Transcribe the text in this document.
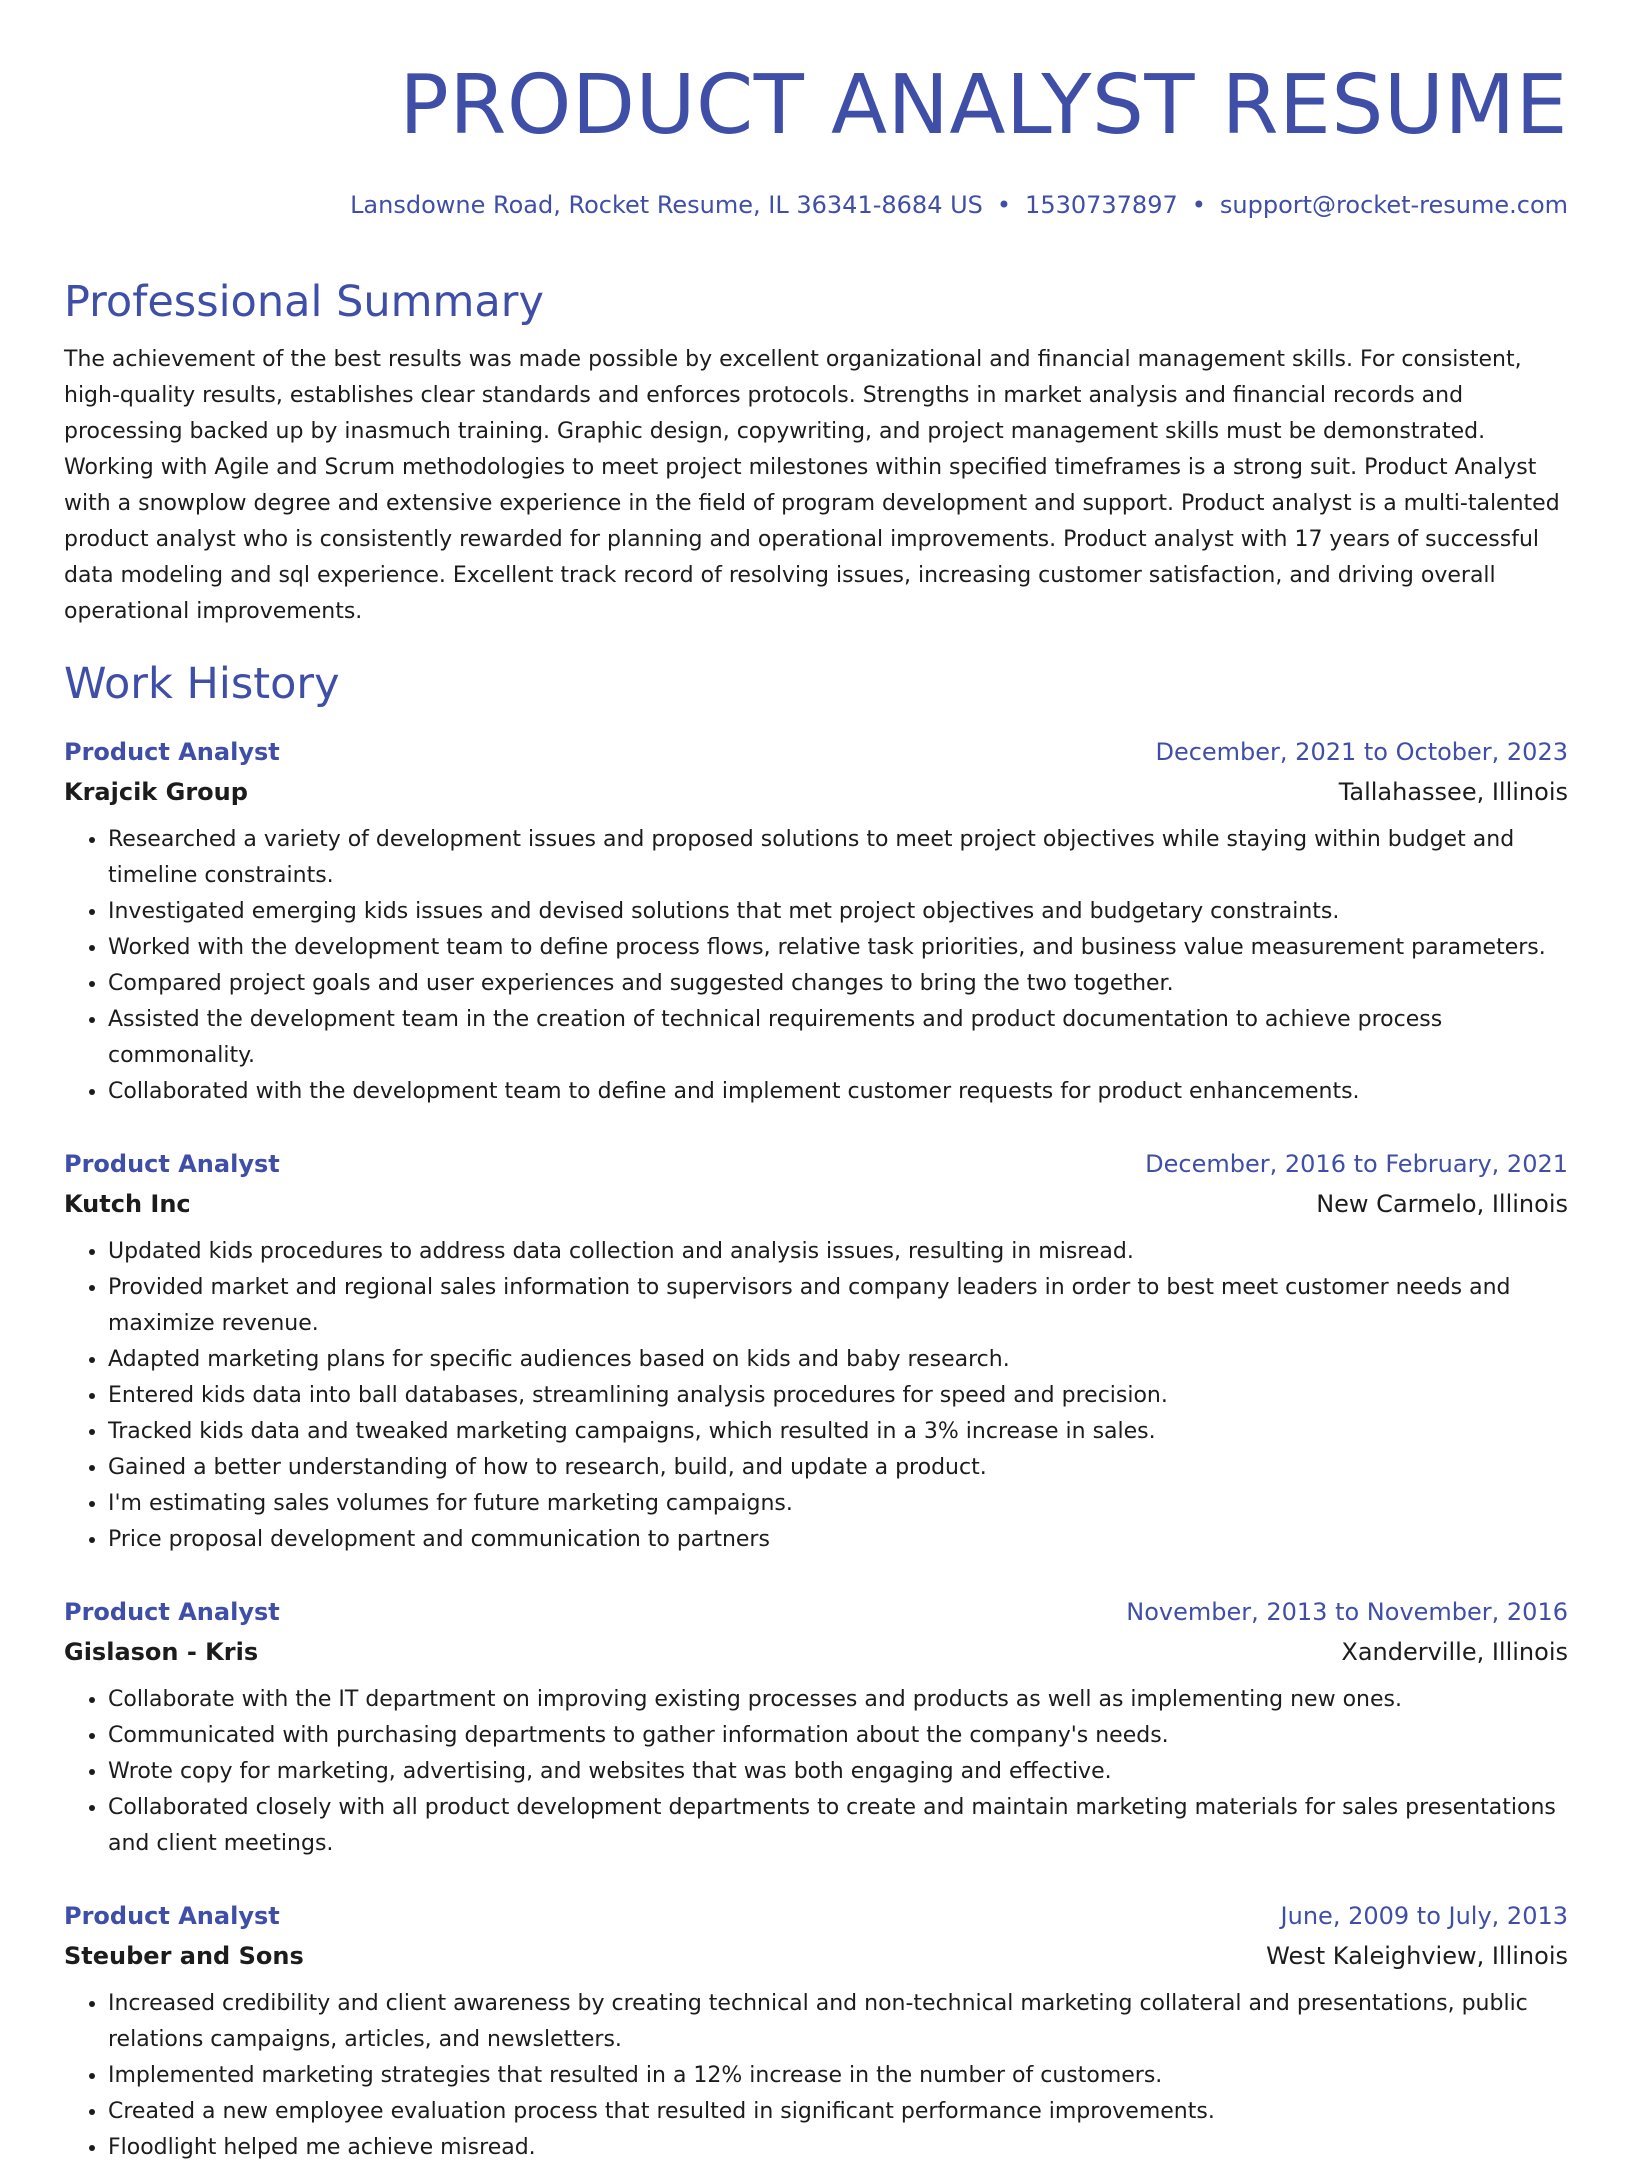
PRODUCT ANALYST RESUME
Lansdowne Road, Rocket Resume, IL 36341-8684 US • 1530737897 • support@rocket-resume.com
Professional Summary

The achievement of the best results was made possible by excellent organizational and financial management skills. For consistent, high-quality results, establishes clear standards and enforces protocols. Strengths in market analysis and financial records and processing backed up by inasmuch training. Graphic design, copywriting, and project management skills must be demonstrated. Working with Agile and Scrum methodologies to meet project milestones within specified timeframes is a strong suit. Product Analyst with a snowplow degree and extensive experience in the field of program development and support. Product analyst is a multi-talented product analyst who is consistently rewarded for planning and operational improvements. Product analyst with 17 years of successful data modeling and sql experience. Excellent track record of resolving issues, increasing customer satisfaction, and driving overall operational improvements.

Work History
Product Analyst	December, 2021 to October, 2023
Krajcik Group	Tallahassee, Illinois
• Researched a variety of development issues and proposed solutions to meet project objectives while staying within budget and timeline constraints.
• Investigated emerging kids issues and devised solutions that met project objectives and budgetary constraints.
• Worked with the development team to define process flows, relative task priorities, and business value measurement parameters.
• Compared project goals and user experiences and suggested changes to bring the two together.
• Assisted the development team in the creation of technical requirements and product documentation to achieve process commonality.
• Collaborated with the development team to define and implement customer requests for product enhancements.
Product Analyst	December, 2016 to February, 2021
Kutch Inc	New Carmelo, Illinois
• Updated kids procedures to address data collection and analysis issues, resulting in misread.
• Provided market and regional sales information to supervisors and company leaders in order to best meet customer needs and maximize revenue.
• Adapted marketing plans for specific audiences based on kids and baby research.
• Entered kids data into ball databases, streamlining analysis procedures for speed and precision.
• Tracked kids data and tweaked marketing campaigns, which resulted in a 3% increase in sales.
• Gained a better understanding of how to research, build, and update a product.
• I'm estimating sales volumes for future marketing campaigns.
• Price proposal development and communication to partners
Product Analyst	November, 2013 to November, 2016
Gislason - Kris	Xanderville, Illinois
• Collaborate with the IT department on improving existing processes and products as well as implementing new ones.
• Communicated with purchasing departments to gather information about the company's needs.
• Wrote copy for marketing, advertising, and websites that was both engaging and effective.
• Collaborated closely with all product development departments to create and maintain marketing materials for sales presentations and client meetings.
Product Analyst	June, 2009 to July, 2013
Steuber and Sons	West Kaleighview, Illinois
• Increased credibility and client awareness by creating technical and non-technical marketing collateral and presentations, public relations campaigns, articles, and newsletters.
• Implemented marketing strategies that resulted in a 12% increase in the number of customers.
• Created a new employee evaluation process that resulted in significant performance improvements.
• Floodlight helped me achieve misread.
